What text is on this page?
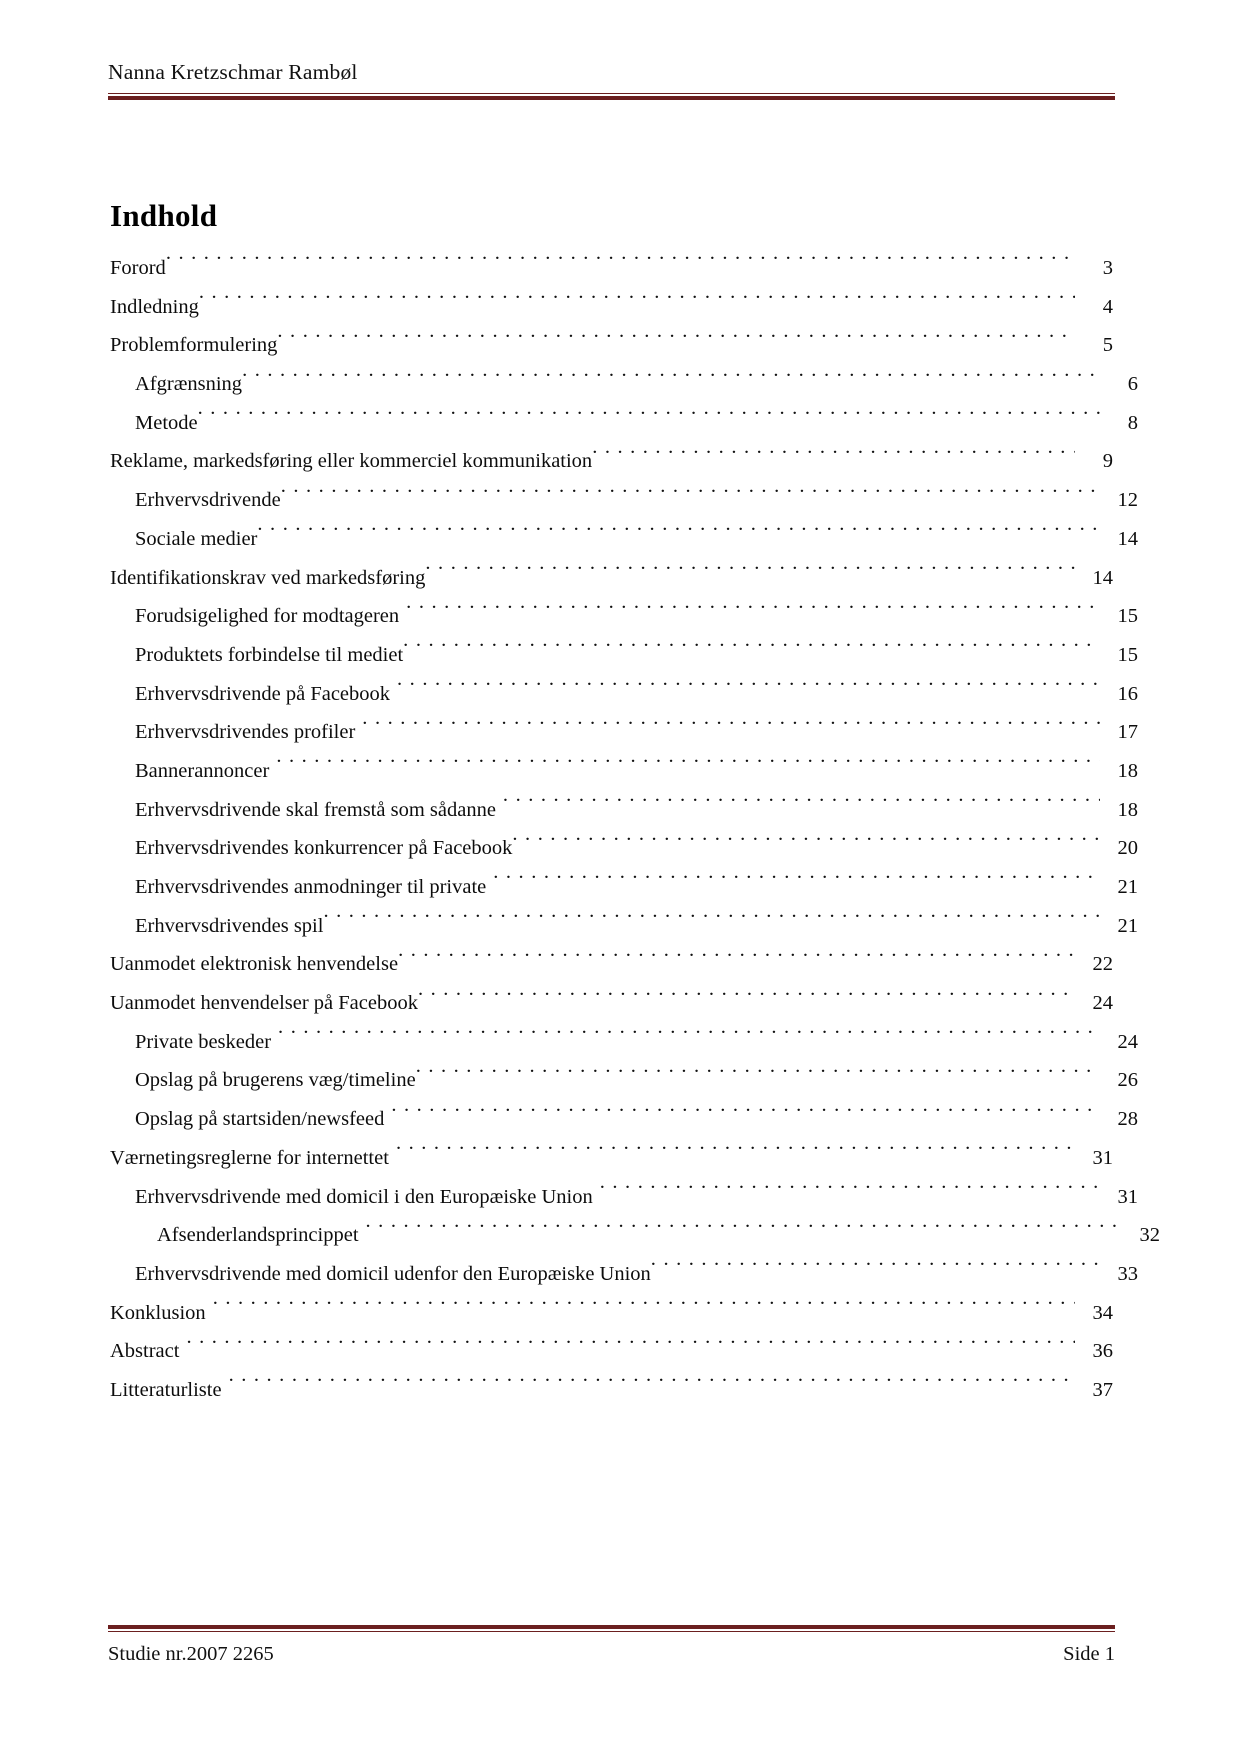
Nanna Kretzschmar Rambøl
Indhold
Forord . . .	3
Indledning . . .	4
Problemformulering . . .	5
Afgrænsning . . .	6
Metode . . .	8
Reklame, markedsføring eller kommerciel kommunikation . . .	9
Erhvervsdrivende . . .	12
Sociale medier . . .	14
Identifikationskrav ved markedsføring . . .	14
Forudsigelighed for modtageren . . .	15
Produktets forbindelse til mediet . . .	15
Erhvervsdrivende på Facebook . . .	16
Erhvervsdrivendes profiler . . .	17
Bannerannoncer . . .	18
Erhvervsdrivende skal fremstå som sådanne . . .	18
Erhvervsdrivendes konkurrencer på Facebook . . .	20
Erhvervsdrivendes anmodninger til private . . .	21
Erhvervsdrivendes spil . . .	21
Uanmodet elektronisk henvendelse . . .	22
Uanmodet henvendelser på Facebook . . .	24
Private beskeder . . .	24
Opslag på brugerens væg/timeline . . .	26
Opslag på startsiden/newsfeed . . .	28
Værnetingsreglerne for internettet . . .	31
Erhvervsdrivende med domicil i den Europæiske Union . . .	31
Afsenderlandsprincippet . . .	32
Erhvervsdrivende med domicil udenfor den Europæiske Union . . .	33
Konklusion . . .	34
Abstract . . .	36
Litteraturliste . . .	37
Studie nr.2007 2265	Side 1
